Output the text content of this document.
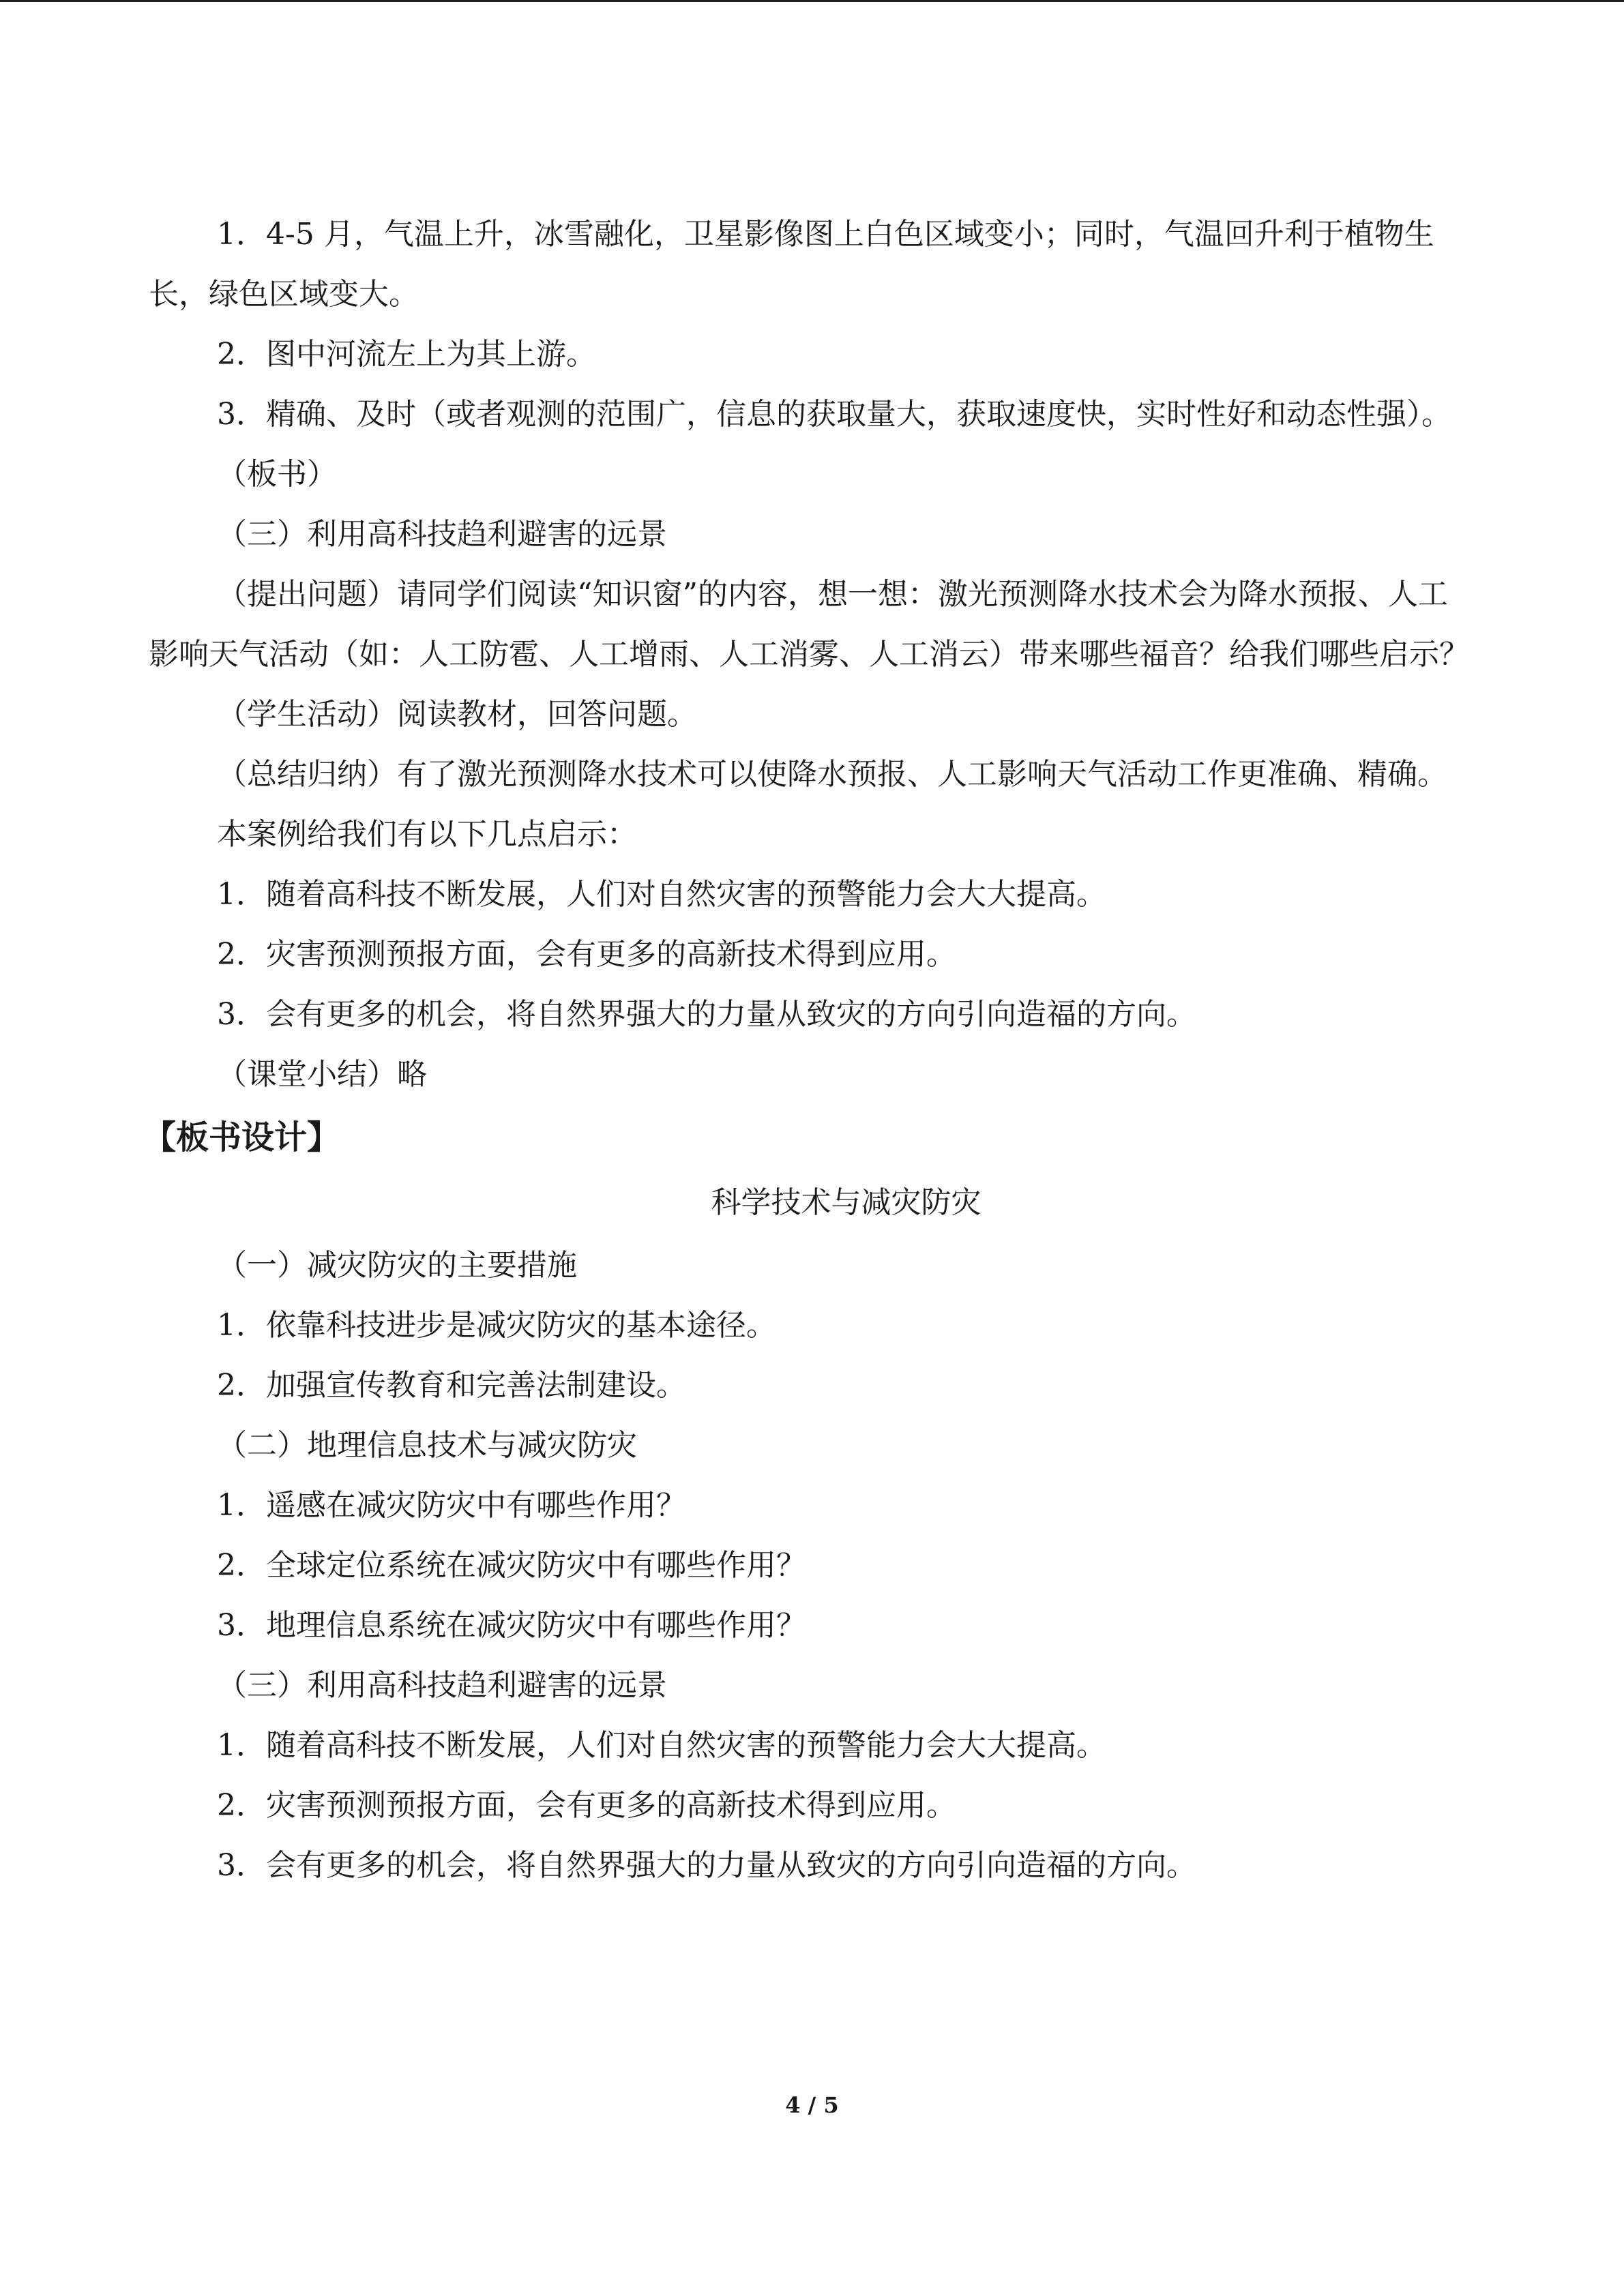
1．4-5 月，气温上升，冰雪融化，卫星影像图上白色区域变小；同时，气温回升利于植物生长，绿色区域变大。

2．图中河流左上为其上游。

3．精确、及时（或者观测的范围广，信息的获取量大，获取速度快，实时性好和动态性强）。

（板书）

（三）利用高科技趋利避害的远景

（提出问题）请同学们阅读“知识窗”的内容，想一想：激光预测降水技术会为降水预报、人工影响天气活动（如：人工防雹、人工增雨、人工消雾、人工消云）带来哪些福音？给我们哪些启示？

（学生活动）阅读教材，回答问题。

（总结归纳）有了激光预测降水技术可以使降水预报、人工影响天气活动工作更准确、精确。

本案例给我们有以下几点启示：

1．随着高科技不断发展，人们对自然灾害的预警能力会大大提高。

2．灾害预测预报方面，会有更多的高新技术得到应用。

3．会有更多的机会，将自然界强大的力量从致灾的方向引向造福的方向。

（课堂小结）略

【板书设计】

科学技术与减灾防灾

（一）减灾防灾的主要措施

1．依靠科技进步是减灾防灾的基本途径。

2．加强宣传教育和完善法制建设。

（二）地理信息技术与减灾防灾

1．遥感在减灾防灾中有哪些作用？

2．全球定位系统在减灾防灾中有哪些作用？

3．地理信息系统在减灾防灾中有哪些作用？

（三）利用高科技趋利避害的远景

1．随着高科技不断发展，人们对自然灾害的预警能力会大大提高。

2．灾害预测预报方面，会有更多的高新技术得到应用。

3．会有更多的机会，将自然界强大的力量从致灾的方向引向造福的方向。

4 / 5
